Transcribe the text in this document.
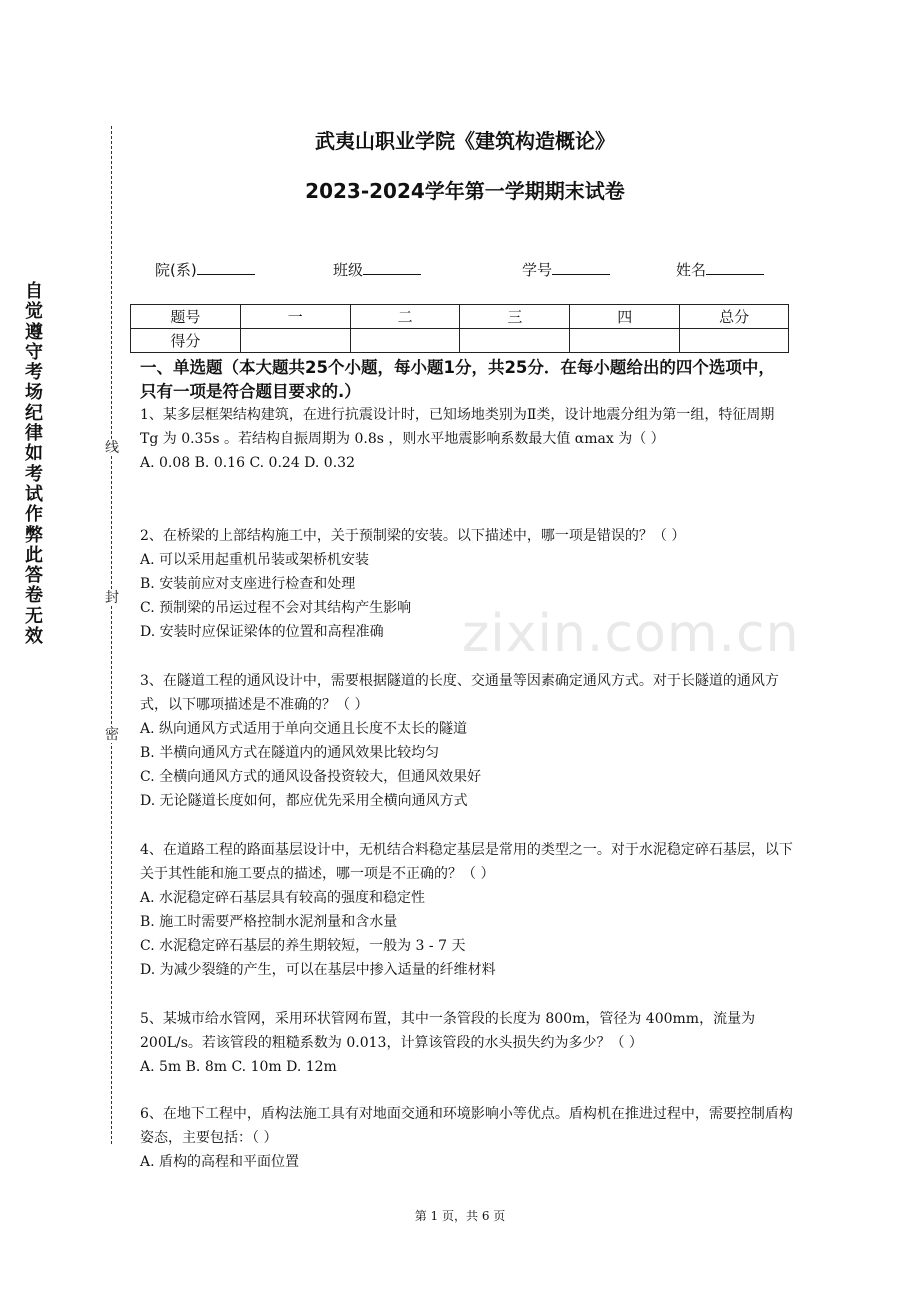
自觉遵守考场纪律如考试作弊此答卷无效
线
封
密
武夷山职业学院《建筑构造概论》
2023-2024学年第一学期期末试卷
院(系)	班级	学号	姓名
题号	一	二	三	四	总分
得分					
一、单选题（本大题共25个小题，每小题1分，共25分．在每小题给出的四个选项中，只有一项是符合题目要求的.）

1、某多层框架结构建筑，在进行抗震设计时，已知场地类别为Ⅱ类，设计地震分组为第一组，特征周期 Tg 为 0.35s 。若结构自振周期为 0.8s ，则水平地震影响系数最大值 αmax 为（ ）

A. 0.08 B. 0.16 C. 0.24 D. 0.32

2、在桥梁的上部结构施工中，关于预制梁的安装。以下描述中，哪一项是错误的？（ ）

A. 可以采用起重机吊装或架桥机安装

B. 安装前应对支座进行检查和处理

C. 预制梁的吊运过程不会对其结构产生影响

D. 安装时应保证梁体的位置和高程准确

3、在隧道工程的通风设计中，需要根据隧道的长度、交通量等因素确定通风方式。对于长隧道的通风方式，以下哪项描述是不准确的？（ ）

A. 纵向通风方式适用于单向交通且长度不太长的隧道

B. 半横向通风方式在隧道内的通风效果比较均匀

C. 全横向通风方式的通风设备投资较大，但通风效果好

D. 无论隧道长度如何，都应优先采用全横向通风方式

4、在道路工程的路面基层设计中，无机结合料稳定基层是常用的类型之一。对于水泥稳定碎石基层，以下关于其性能和施工要点的描述，哪一项是不正确的？（ ）

A. 水泥稳定碎石基层具有较高的强度和稳定性

B. 施工时需要严格控制水泥剂量和含水量

C. 水泥稳定碎石基层的养生期较短，一般为 3 - 7 天

D. 为减少裂缝的产生，可以在基层中掺入适量的纤维材料

5、某城市给水管网，采用环状管网布置，其中一条管段的长度为 800m，管径为 400mm，流量为 200L/s。若该管段的粗糙系数为 0.013，计算该管段的水头损失约为多少？（ ）

A. 5m B. 8m C. 10m D. 12m

6、在地下工程中，盾构法施工具有对地面交通和环境影响小等优点。盾构机在推进过程中，需要控制盾构姿态，主要包括：（ ）

A. 盾构的高程和平面位置

zixin.com.cn
第 1 页，共 6 页
